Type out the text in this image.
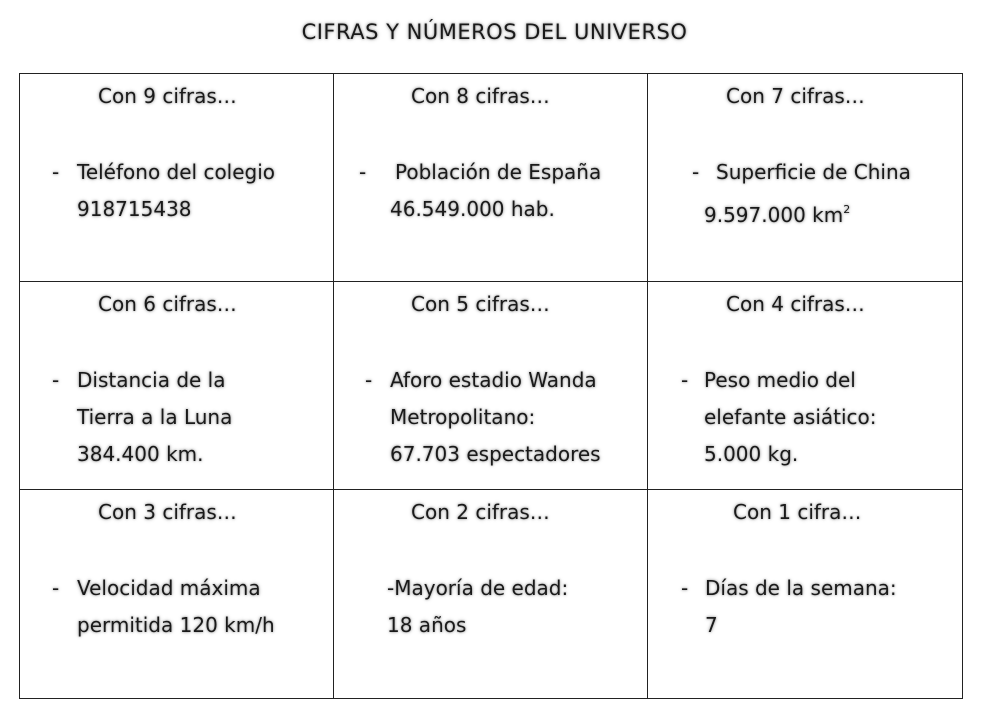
CIFRAS Y NÚMEROS DEL UNIVERSO
Con 9 cifras…
- Teléfono del colegio
918715438
Con 8 cifras…
- Población de España
46.549.000 hab.
Con 7 cifras…
- Superficie de China
9.597.000 $km^2$
Con 6 cifras…
- Distancia de la
Tierra a la Luna
384.400 km.
Con 5 cifras…
- Aforo estadio Wanda
Metropolitano:
67.703 espectadores
Con 4 cifras…
- Peso medio del
elefante asiático:
5.000 kg.
Con 3 cifras…
- Velocidad máxima
permitida 120 km/h
Con 2 cifras…
-Mayoría de edad:
18 años
Con 1 cifra…
- Días de la semana:
7
